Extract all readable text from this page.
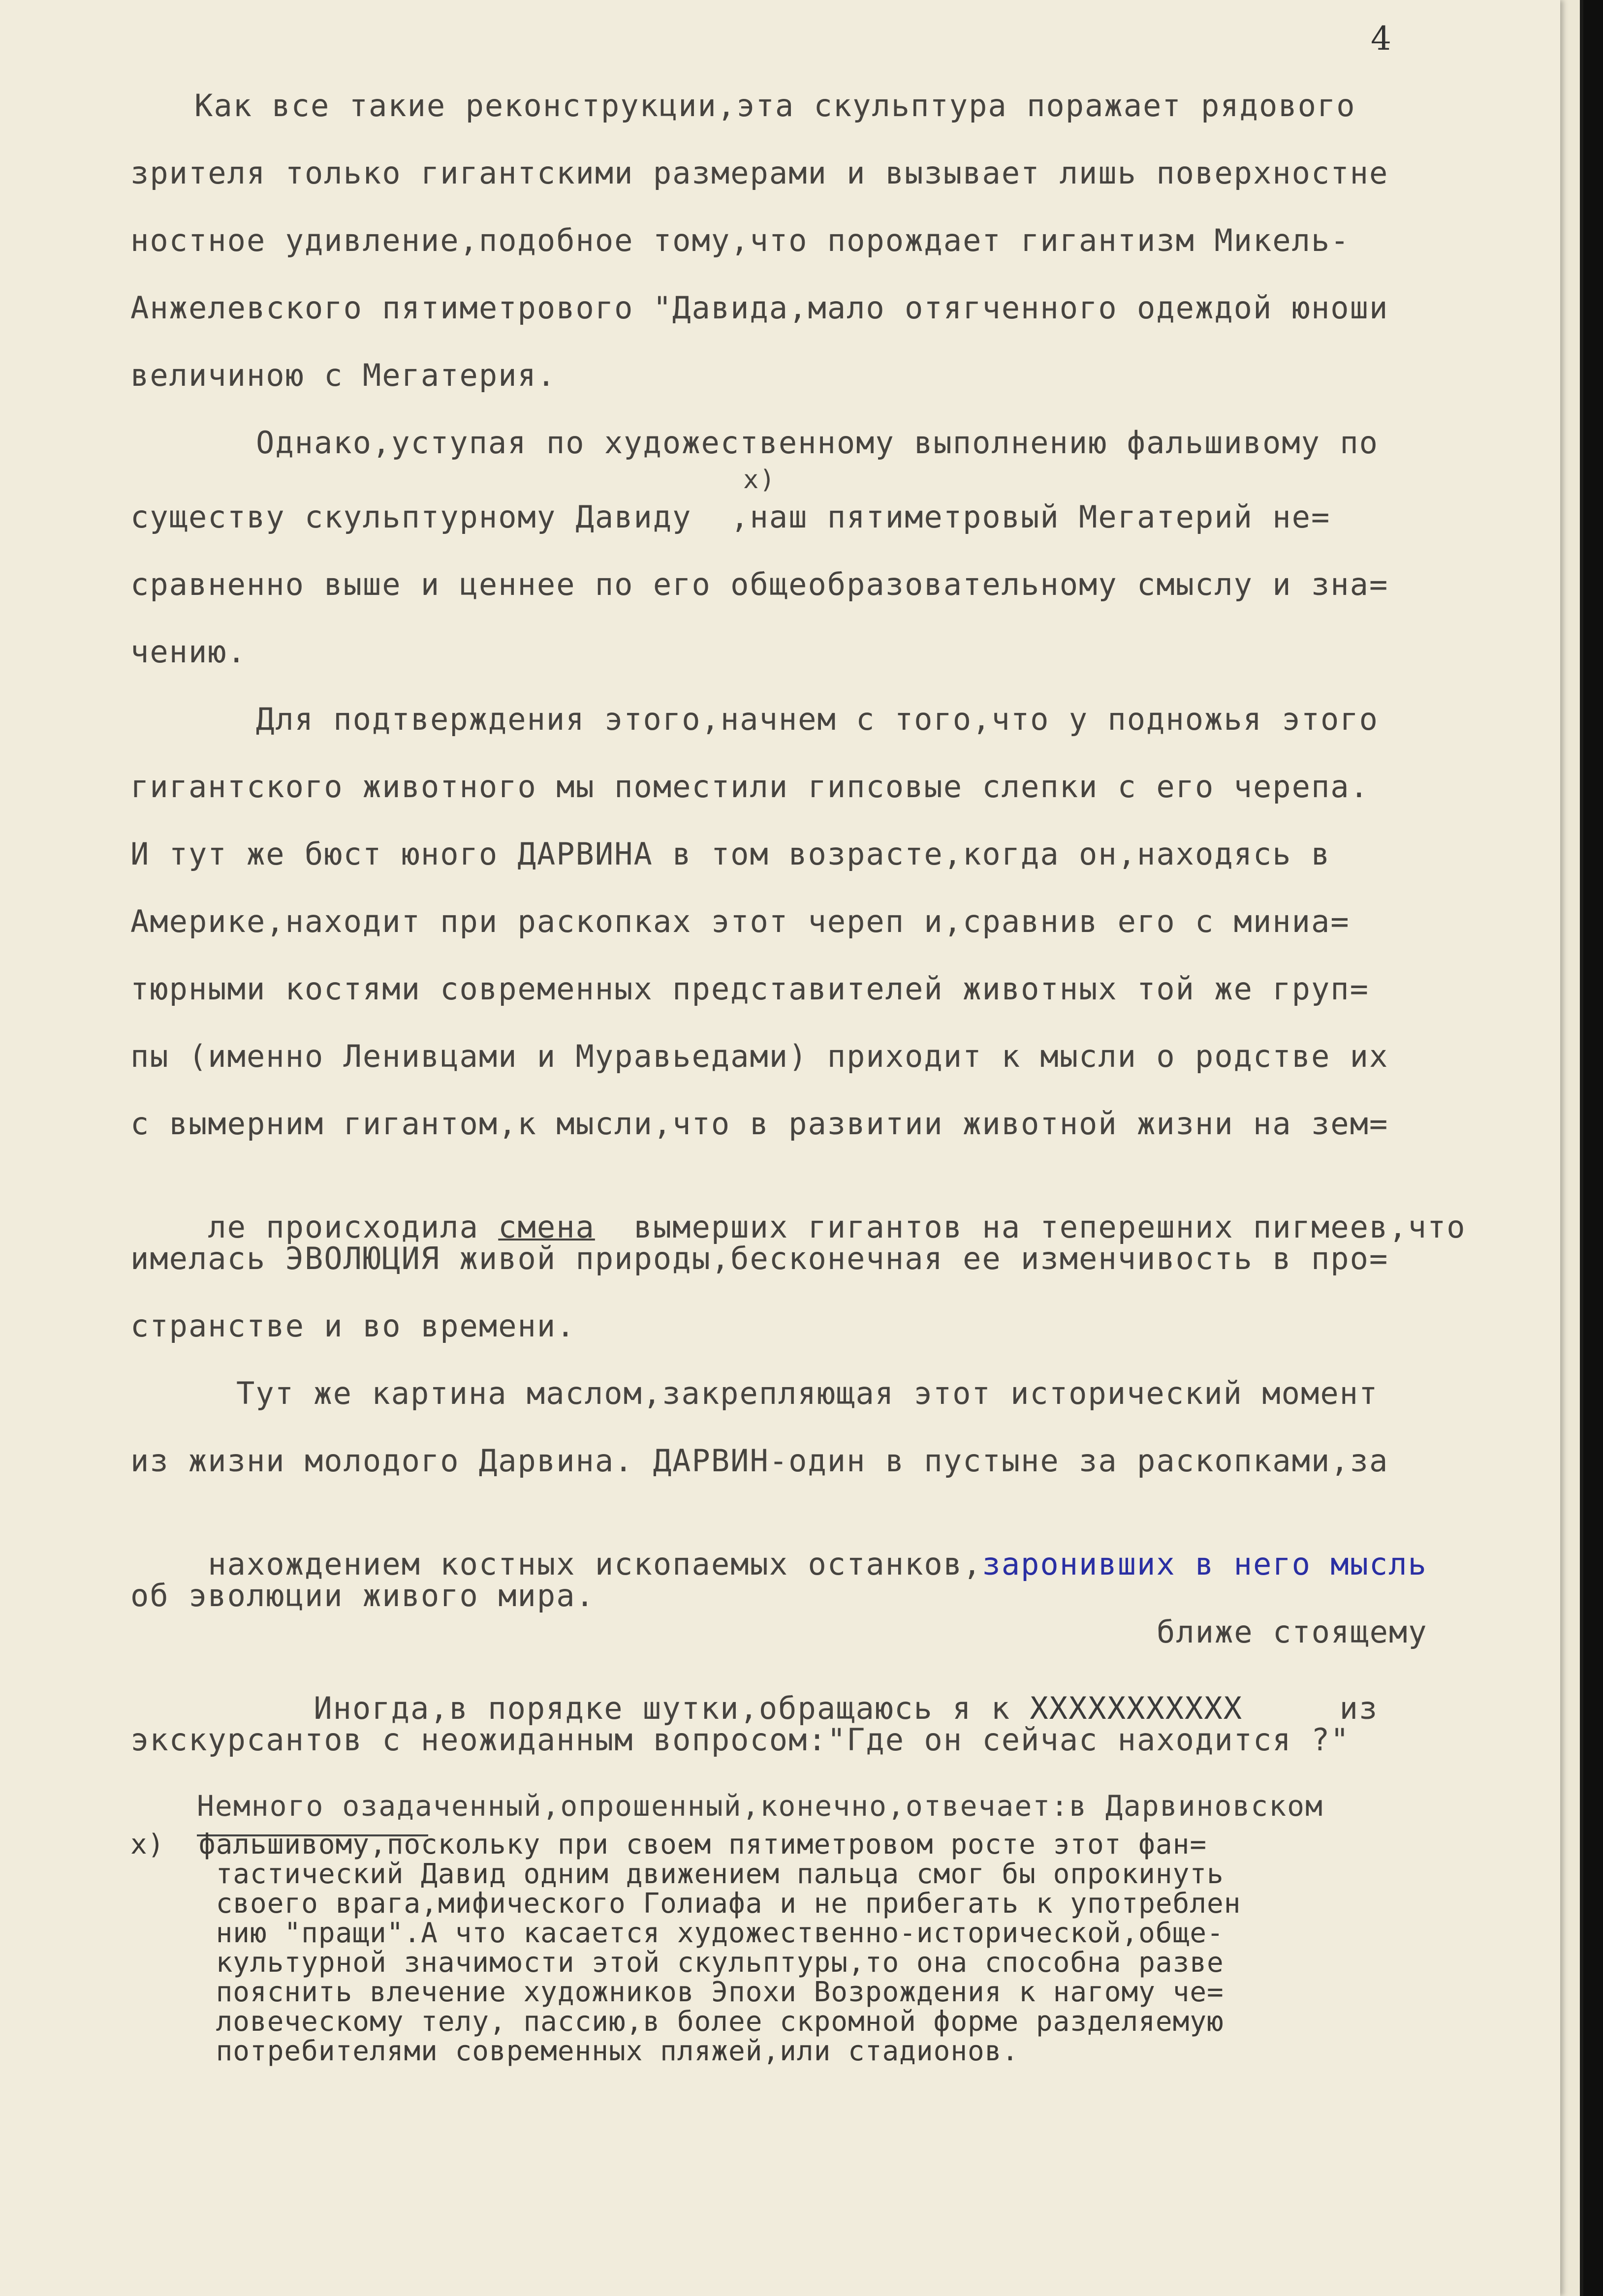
4
Как все такие реконструкции,эта скульптура поражает рядового
зрителя только гигантскими размерами и вызывает лишь поверхностне
ностное удивление,подобное тому,что порождает гигантизм Микель-
Анжелевского пятиметрового "Давида,мало отягченного одеждой юноши
величиною с Мегатерия.
Однако,уступая по художественному выполнению фальшивому по
х)
существу скульптурному Давиду  ,наш пятиметровый Мегатерий не=
сравненно выше и ценнее по его общеобразовательному смыслу и зна=
чению.
Для подтверждения этого,начнем с того,что у подножья этого
гигантского животного мы поместили гипсовые слепки с его черепа.
И тут же бюст юного ДАРВИНА в том возрасте,когда он,находясь в
Америке,находит при раскопках этот череп и,сравнив его с миниа=
тюрными костями современных представителей животных той же груп=
пы (именно Ленивцами и Муравьедами) приходит к мысли о родстве их
с вымерним гигантом,к мысли,что в развитии животной жизни на зем=

ле происходила смена  вымерших гигантов на теперешних пигмеев,что

имелась ЭВОЛЮЦИЯ живой природы,бесконечная ее изменчивость в про=
странстве и во времени.
Тут же картина маслом,закрепляющая этот исторический момент
из жизни молодого Дарвина. ДАРВИН-один в пустыне за раскопками,за

нахождением костных ископаемых останков,заронивших в него мысль

об эволюции живого мира.
ближе стоящему

Иногда,в порядке шутки,обращаюсь я к XXXXXXXXXXX     из

экскурсантов с неожиданным вопросом:"Где он сейчас находится ?"
Немного озадаченный,опрошенный,конечно,отвечает:в Дарвиновском
х)  фальшивому,поскольку при своем пятиметровом росте этот фан=
тастический Давид одним движением пальца смог бы опрокинуть
своего врага,мифического Голиафа и не прибегать к употреблен
нию "пращи".А что касается художественно-исторической,обще-
культурной значимости этой скульптуры,то она способна разве
пояснить влечение художников Эпохи Возрождения к нагому че=
ловеческому телу, пассию,в более скромной форме разделяемую
потребителями современных пляжей,или стадионов.
